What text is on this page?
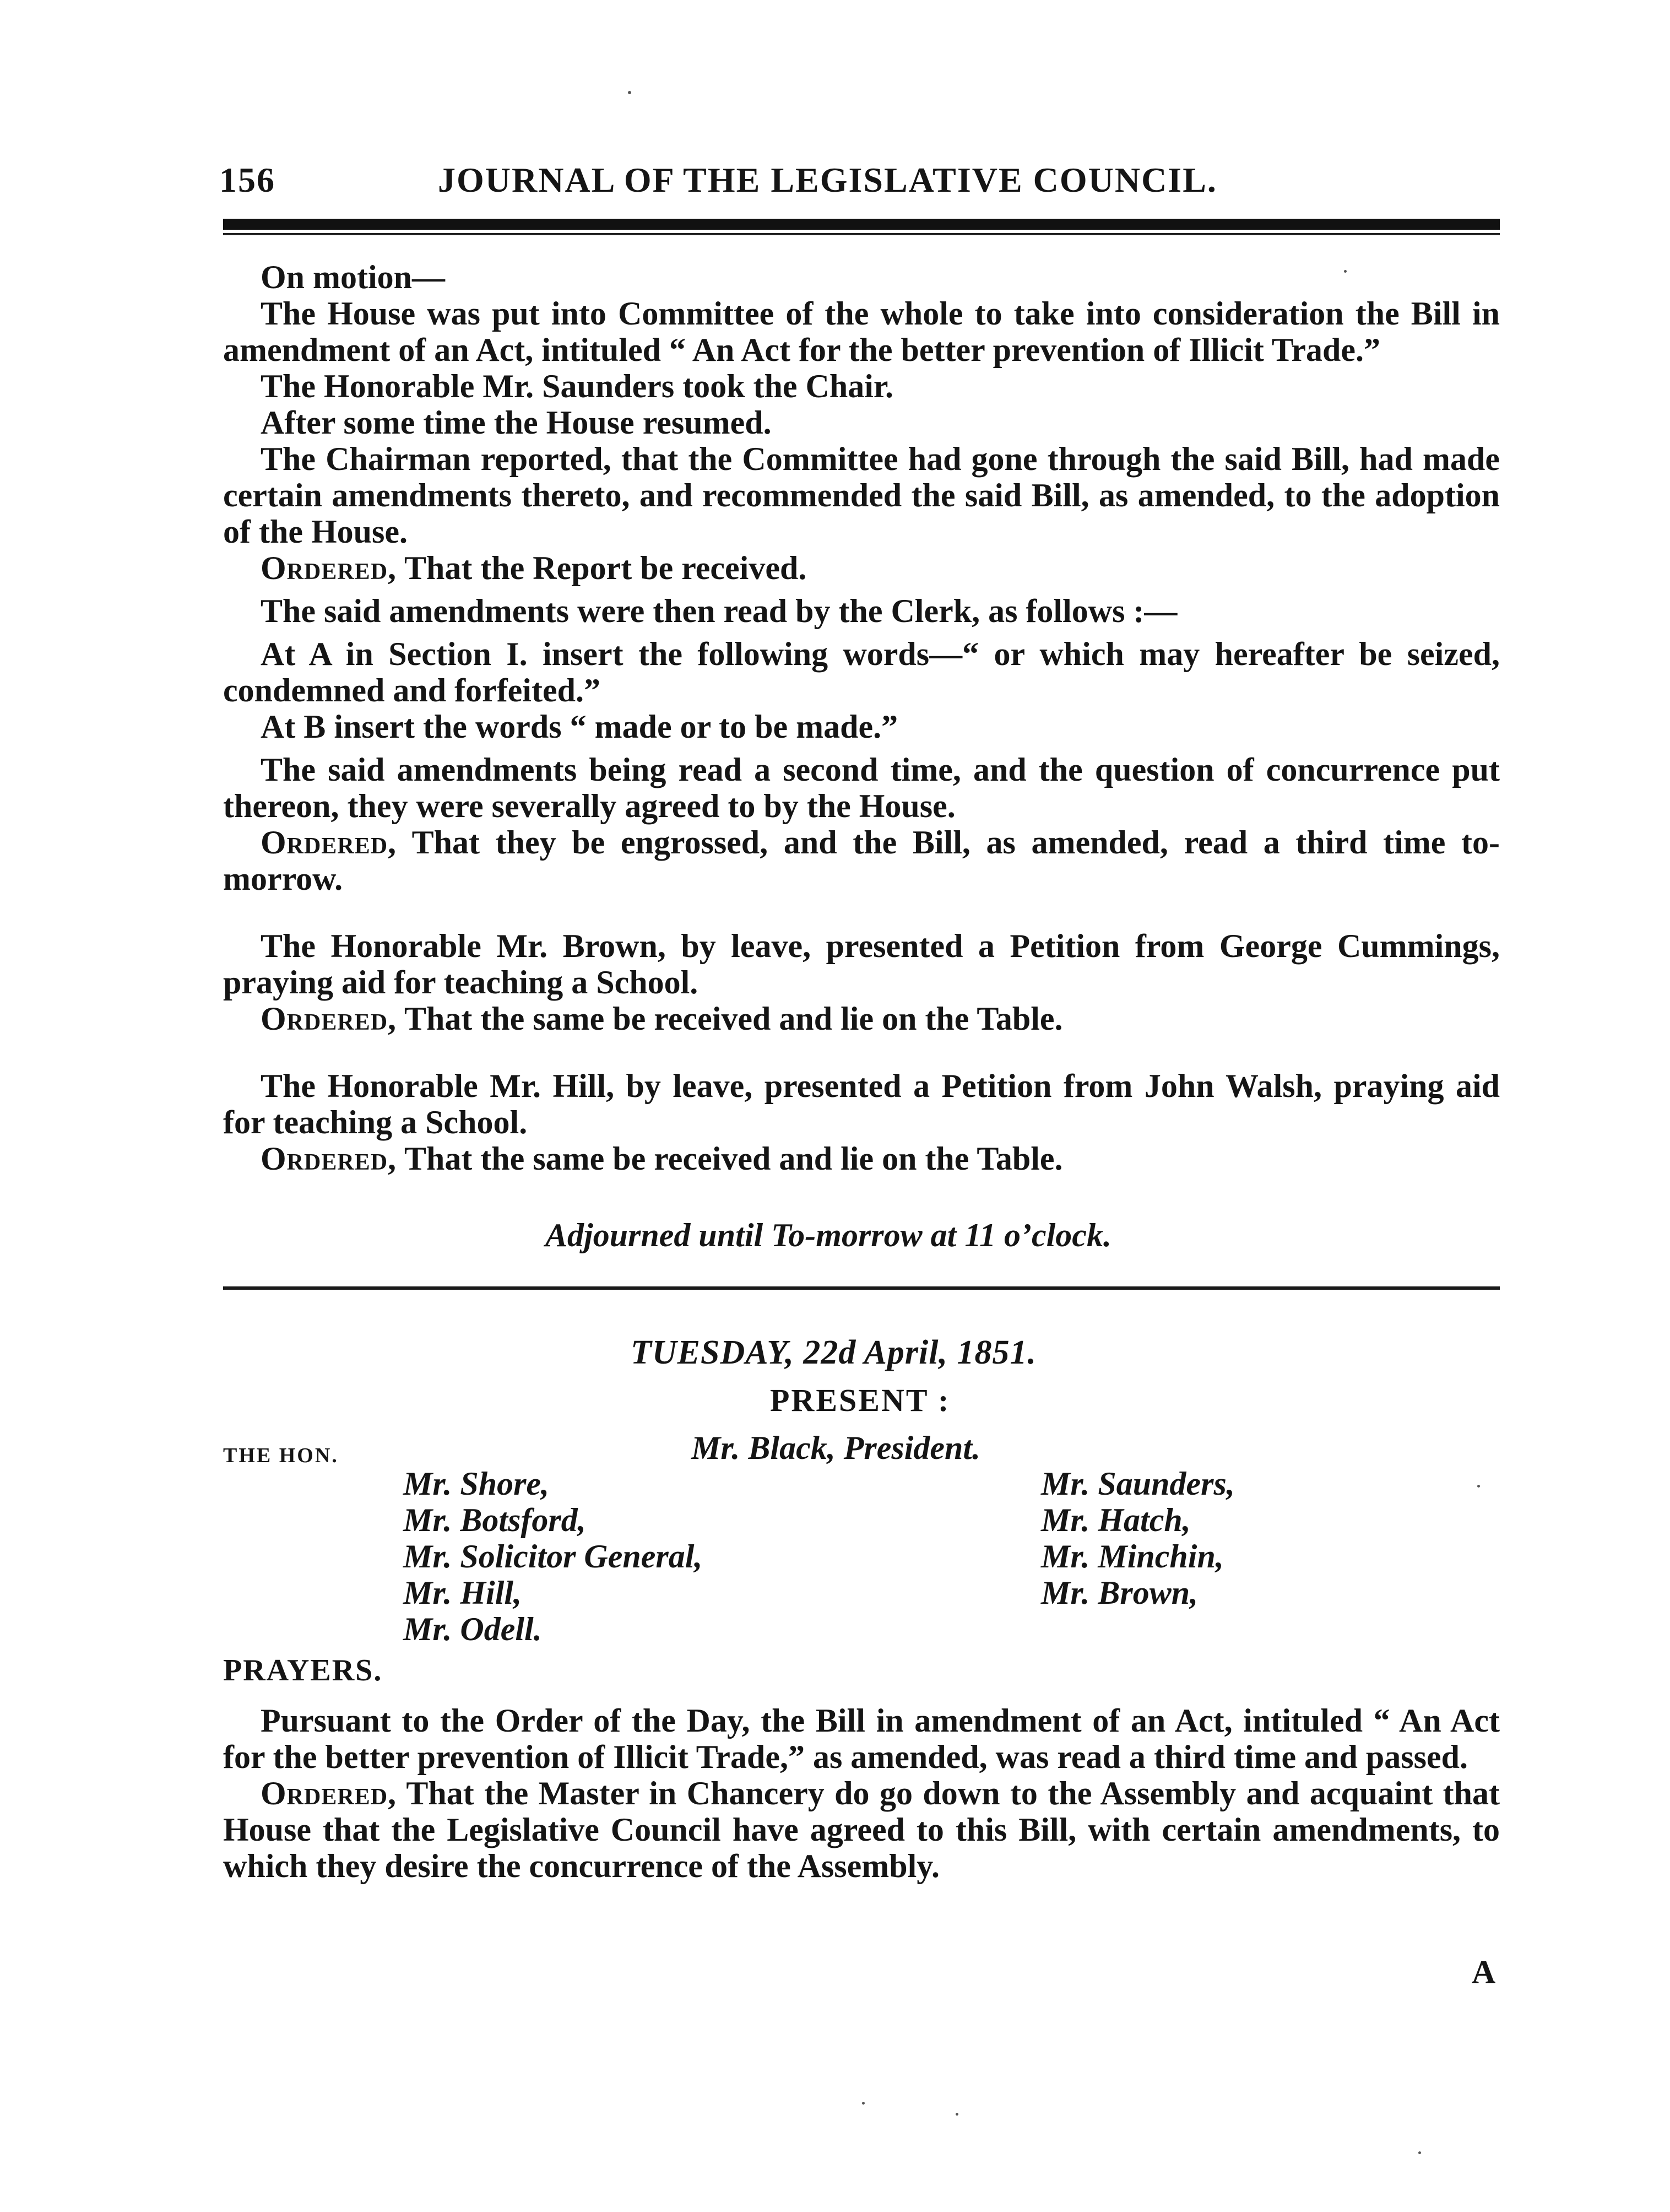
156	JOURNAL OF THE LEGISLATIVE COUNCIL.

On motion—

The House was put into Committee of the whole to take into consideration the Bill in amendment of an Act, intituled “ An Act for the better prevention of Illicit Trade.”

The Honorable Mr. Saunders took the Chair.

After some time the House resumed.

The Chairman reported, that the Committee had gone through the said Bill, had made certain amendments thereto, and recommended the said Bill, as amended, to the adoption of the House.

Ordered, That the Report be received.

The said amendments were then read by the Clerk, as follows :—

At A in Section I. insert the following words—“ or which may hereafter be seized, condemned and forfeited.”

At B insert the words “ made or to be made.”

The said amendments being read a second time, and the question of concurrence put thereon, they were severally agreed to by the House.

Ordered, That they be engrossed, and the Bill, as amended, read a third time to-morrow.

The Honorable Mr. Brown, by leave, presented a Petition from George Cummings, praying aid for teaching a School.

Ordered, That the same be received and lie on the Table.

The Honorable Mr. Hill, by leave, presented a Petition from John Walsh, praying aid for teaching a School.

Ordered, That the same be received and lie on the Table.

Adjourned until To-morrow at 11 o’clock.
TUESDAY, 22d April, 1851.
PRESENT :
THE HON.	Mr. Black, President.
Mr. Shore,
Mr. Botsford,
Mr. Solicitor General,
Mr. Hill,
Mr. Odell.
Mr. Saunders,
Mr. Hatch,
Mr. Minchin,
Mr. Brown,
PRAYERS.

Pursuant to the Order of the Day, the Bill in amendment of an Act, intituled “ An Act for the better prevention of Illicit Trade,” as amended, was read a third time and passed.

Ordered, That the Master in Chancery do go down to the Assembly and acquaint that House that the Legislative Council have agreed to this Bill, with certain amendments, to which they desire the concurrence of the Assembly.

A
